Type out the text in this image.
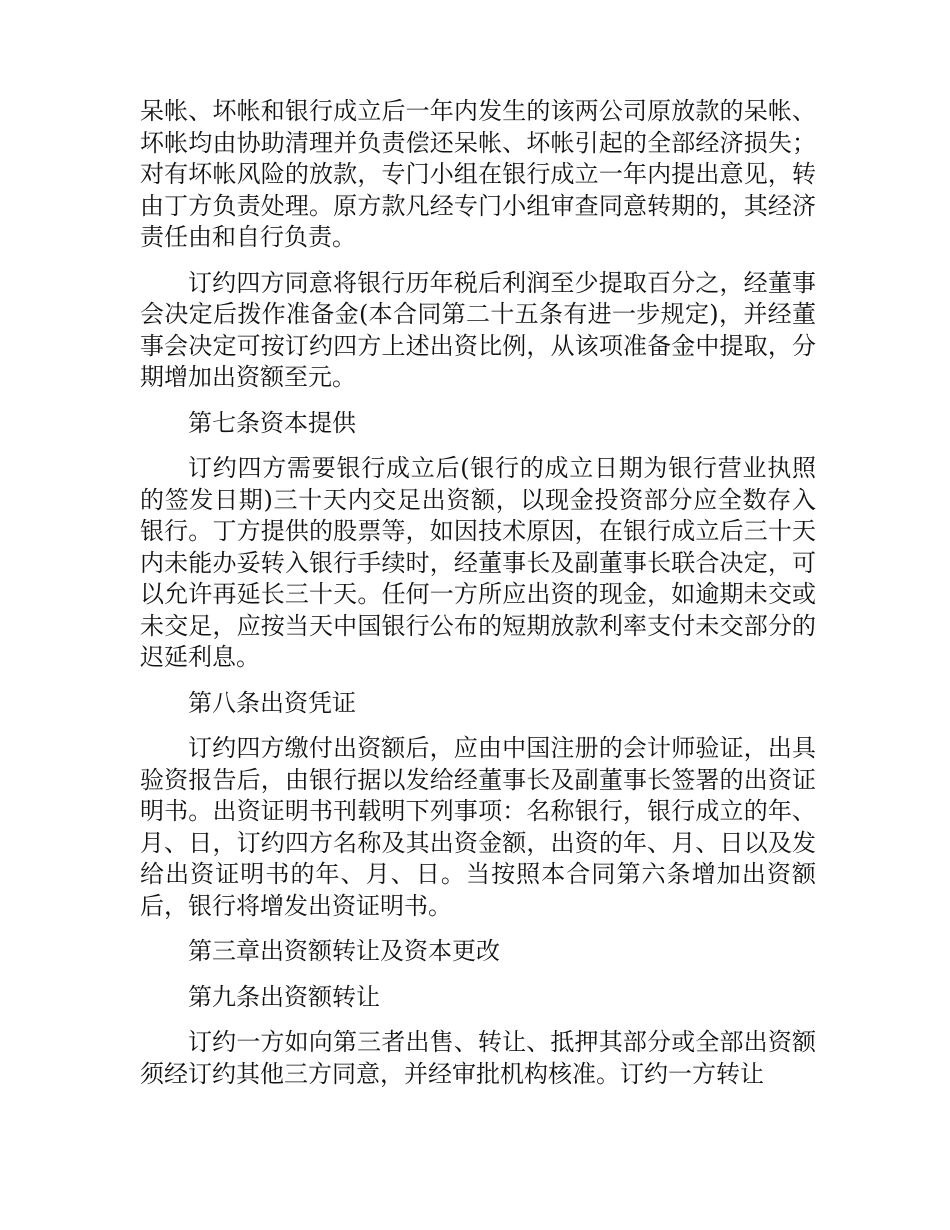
呆帐、坏帐和银行成立后一年内发生的该两公司原放款的呆帐、坏帐均由协助清理并负责偿还呆帐、坏帐引起的全部经济损失；对有坏帐风险的放款，专门小组在银行成立一年内提出意见，转由丁方负责处理。原方款凡经专门小组审查同意转期的，其经济责任由和自行负责。

订约四方同意将银行历年税后利润至少提取百分之，经董事会决定后拨作准备金(本合同第二十五条有进一步规定)，并经董事会决定可按订约四方上述出资比例，从该项准备金中提取，分期增加出资额至元。

第七条资本提供

订约四方需要银行成立后(银行的成立日期为银行营业执照的签发日期)三十天内交足出资额，以现金投资部分应全数存入银行。丁方提供的股票等，如因技术原因，在银行成立后三十天内未能办妥转入银行手续时，经董事长及副董事长联合决定，可以允许再延长三十天。任何一方所应出资的现金，如逾期未交或未交足，应按当天中国银行公布的短期放款利率支付未交部分的迟延利息。

第八条出资凭证

订约四方缴付出资额后，应由中国注册的会计师验证，出具验资报告后，由银行据以发给经董事长及副董事长签署的出资证明书。出资证明书刊载明下列事项：名称银行，银行成立的年、月、日，订约四方名称及其出资金额，出资的年、月、日以及发给出资证明书的年、月、日。当按照本合同第六条增加出资额后，银行将增发出资证明书。

第三章出资额转让及资本更改

第九条出资额转让

订约一方如向第三者出售、转让、抵押其部分或全部出资额须经订约其他三方同意，并经审批机构核准。订约一方转让
